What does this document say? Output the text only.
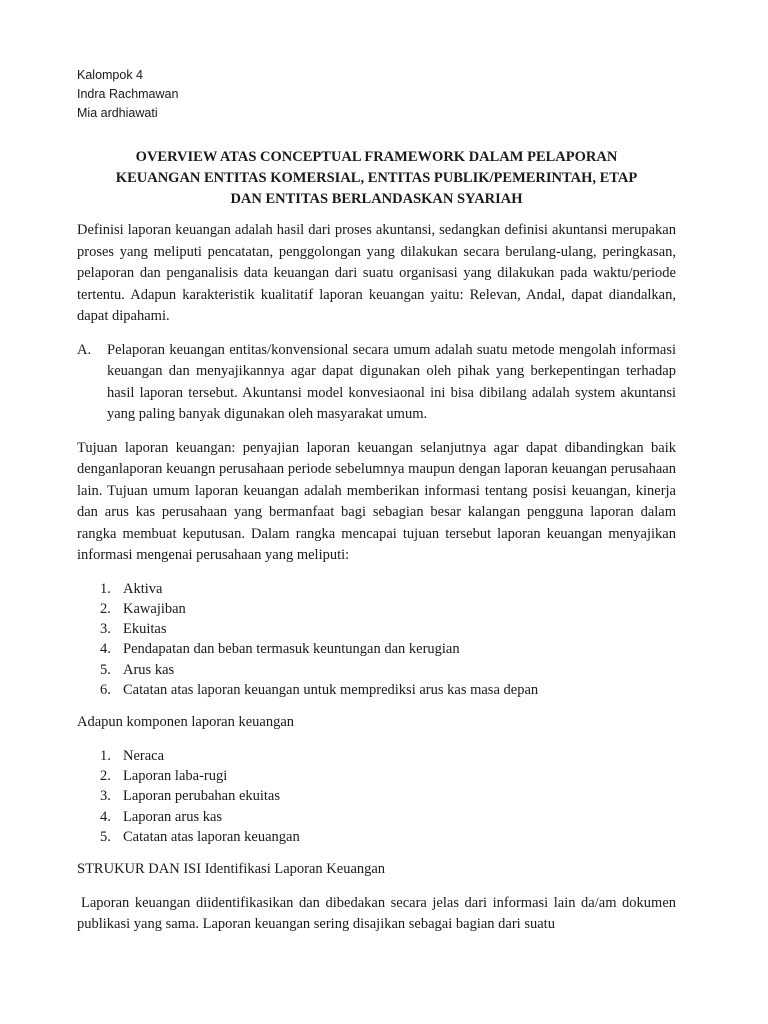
Kalompok 4
Indra Rachmawan
Mia ardhiawati
OVERVIEW ATAS CONCEPTUAL FRAMEWORK DALAM PELAPORAN
KEUANGAN ENTITAS KOMERSIAL, ENTITAS PUBLIK/PEMERINTAH, ETAP
DAN ENTITAS BERLANDASKAN SYARIAH

Definisi laporan keuangan adalah hasil dari proses akuntansi, sedangkan definisi akuntansi merupakan proses yang meliputi pencatatan, penggolongan yang dilakukan secara berulang-ulang, peringkasan, pelaporan dan penganalisis data keuangan dari suatu organisasi yang dilakukan pada waktu/periode tertentu. Adapun karakteristik kualitatif laporan keuangan yaitu: Relevan, Andal, dapat diandalkan, dapat dipahami.

A.	Pelaporan keuangan entitas/konvensional secara umum adalah suatu metode mengolah informasi keuangan dan menyajikannya agar dapat digunakan oleh pihak yang berkepentingan terhadap hasil laporan tersebut. Akuntansi model konvesiaonal ini bisa dibilang adalah system akuntansi yang paling banyak digunakan oleh masyarakat umum.

Tujuan laporan keuangan: penyajian laporan keuangan selanjutnya agar dapat dibandingkan baik denganlaporan keuangn perusahaan periode sebelumnya maupun dengan laporan keuangan perusahaan lain. Tujuan umum laporan keuangan adalah memberikan informasi tentang posisi keuangan, kinerja dan arus kas perusahaan yang bermanfaat bagi sebagian besar kalangan pengguna laporan dalam rangka membuat keputusan. Dalam rangka mencapai tujuan tersebut laporan keuangan menyajikan informasi mengenai perusahaan yang meliputi:

1. Aktiva
2. Kawajiban
3. Ekuitas
4. Pendapatan dan beban termasuk keuntungan dan kerugian
5. Arus kas
6. Catatan atas laporan keuangan untuk memprediksi arus kas masa depan

Adapun komponen laporan keuangan

1. Neraca
2. Laporan laba-rugi
3. Laporan perubahan ekuitas
4. Laporan arus kas
5. Catatan atas laporan keuangan

STRUKUR DAN ISI Identifikasi Laporan Keuangan

Laporan keuangan diidentifikasikan dan dibedakan secara jelas dari informasi lain da/am dokumen publikasi yang sama. Laporan keuangan sering disajikan sebagai bagian dari suatu
